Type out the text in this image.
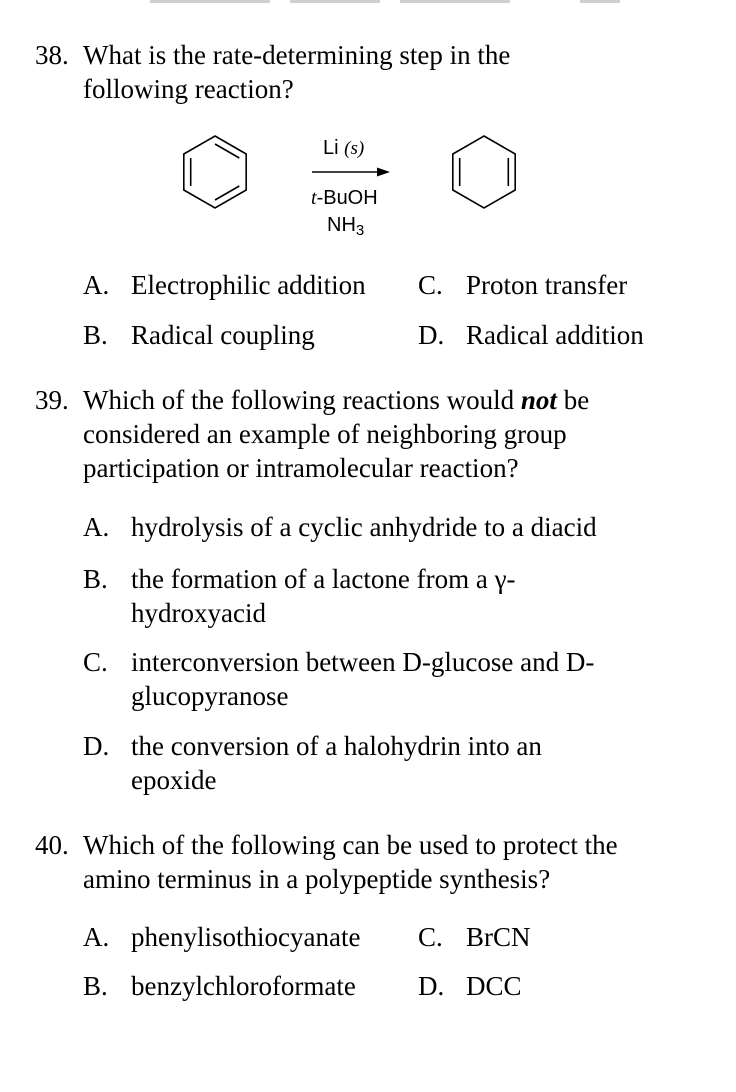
38. What is the rate-determining step in the
following reaction?
Li (s)
t-BuOH
$NH_3$
A. Electrophilic addition
B. Radical coupling
C. Proton transfer
D. Radical addition
39. Which of the following reactions would not be
considered an example of neighboring group
participation or intramolecular reaction?
A. hydrolysis of a cyclic anhydride to a diacid
B. the formation of a lactone from a γ-
hydroxyacid
C. interconversion between D-glucose and D-
glucopyranose
D. the conversion of a halohydrin into an
epoxide
40. Which of the following can be used to protect the
amino terminus in a polypeptide synthesis?
A. phenylisothiocyanate
B. benzylchloroformate
C. BrCN
D. DCC
